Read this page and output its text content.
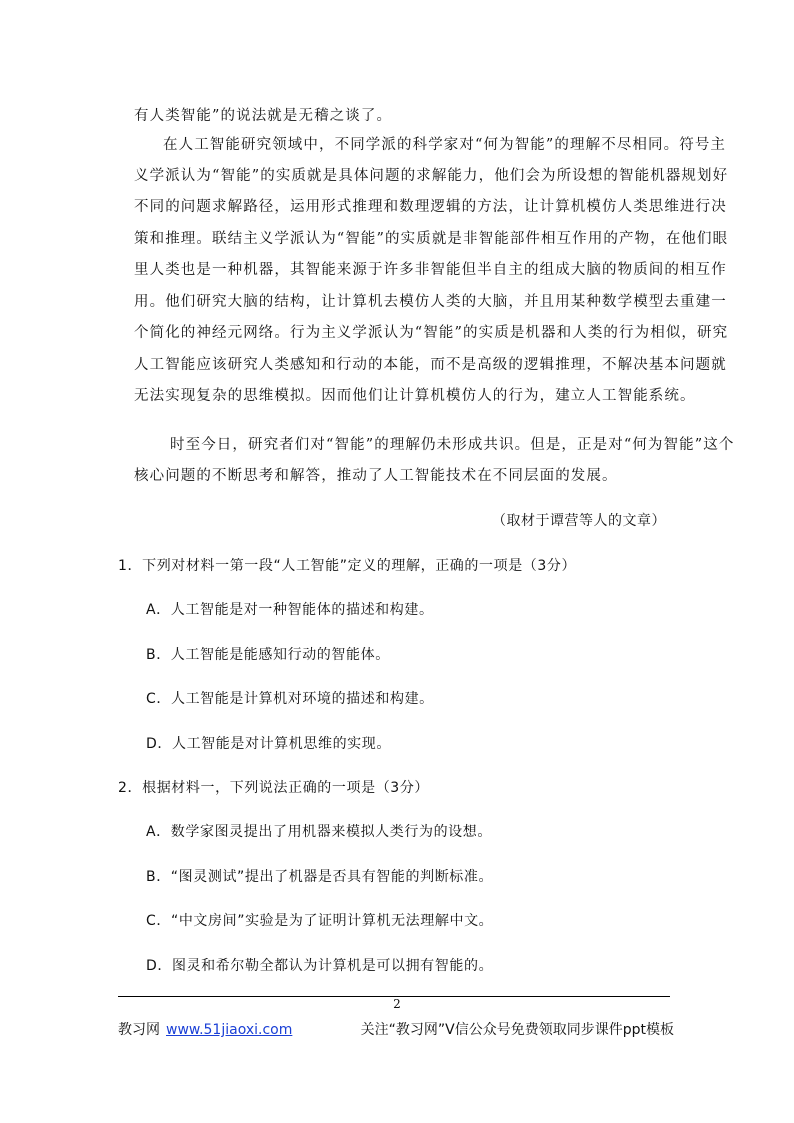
有人类智能”的说法就是无稽之谈了。
在人工智能研究领域中，不同学派的科学家对“何为智能”的理解不尽相同。符号主
义学派认为“智能”的实质就是具体问题的求解能力，他们会为所设想的智能机器规划好
不同的问题求解路径，运用形式推理和数理逻辑的方法，让计算机模仿人类思维进行决
策和推理。联结主义学派认为“智能”的实质就是非智能部件相互作用的产物，在他们眼
里人类也是一种机器，其智能来源于许多非智能但半自主的组成大脑的物质间的相互作
用。他们研究大脑的结构，让计算机去模仿人类的大脑，并且用某种数学模型去重建一
个简化的神经元网络。行为主义学派认为“智能”的实质是机器和人类的行为相似，研究
人工智能应该研究人类感知和行动的本能，而不是高级的逻辑推理，不解决基本问题就
无法实现复杂的思维模拟。因而他们让计算机模仿人的行为，建立人工智能系统。
时至今日，研究者们对“智能”的理解仍未形成共识。但是，正是对“何为智能”这个
核心问题的不断思考和解答，推动了人工智能技术在不同层面的发展。
（取材于谭营等人的文章）
1．下列对材料一第一段“人工智能”定义的理解，正确的一项是（3分）
A．人工智能是对一种智能体的描述和构建。
B．人工智能是能感知行动的智能体。
C．人工智能是计算机对环境的描述和构建。
D．人工智能是对计算机思维的实现。
2．根据材料一，下列说法正确的一项是（3分）
A．数学家图灵提出了用机器来模拟人类行为的设想。
B．“图灵测试”提出了机器是否具有智能的判断标准。
C．“中文房间”实验是为了证明计算机无法理解中文。
D．图灵和希尔勒全都认为计算机是可以拥有智能的。
2
教习网 www.51jiaoxi.com	关注“教习网”V信公众号免费领取同步课件ppt模板
